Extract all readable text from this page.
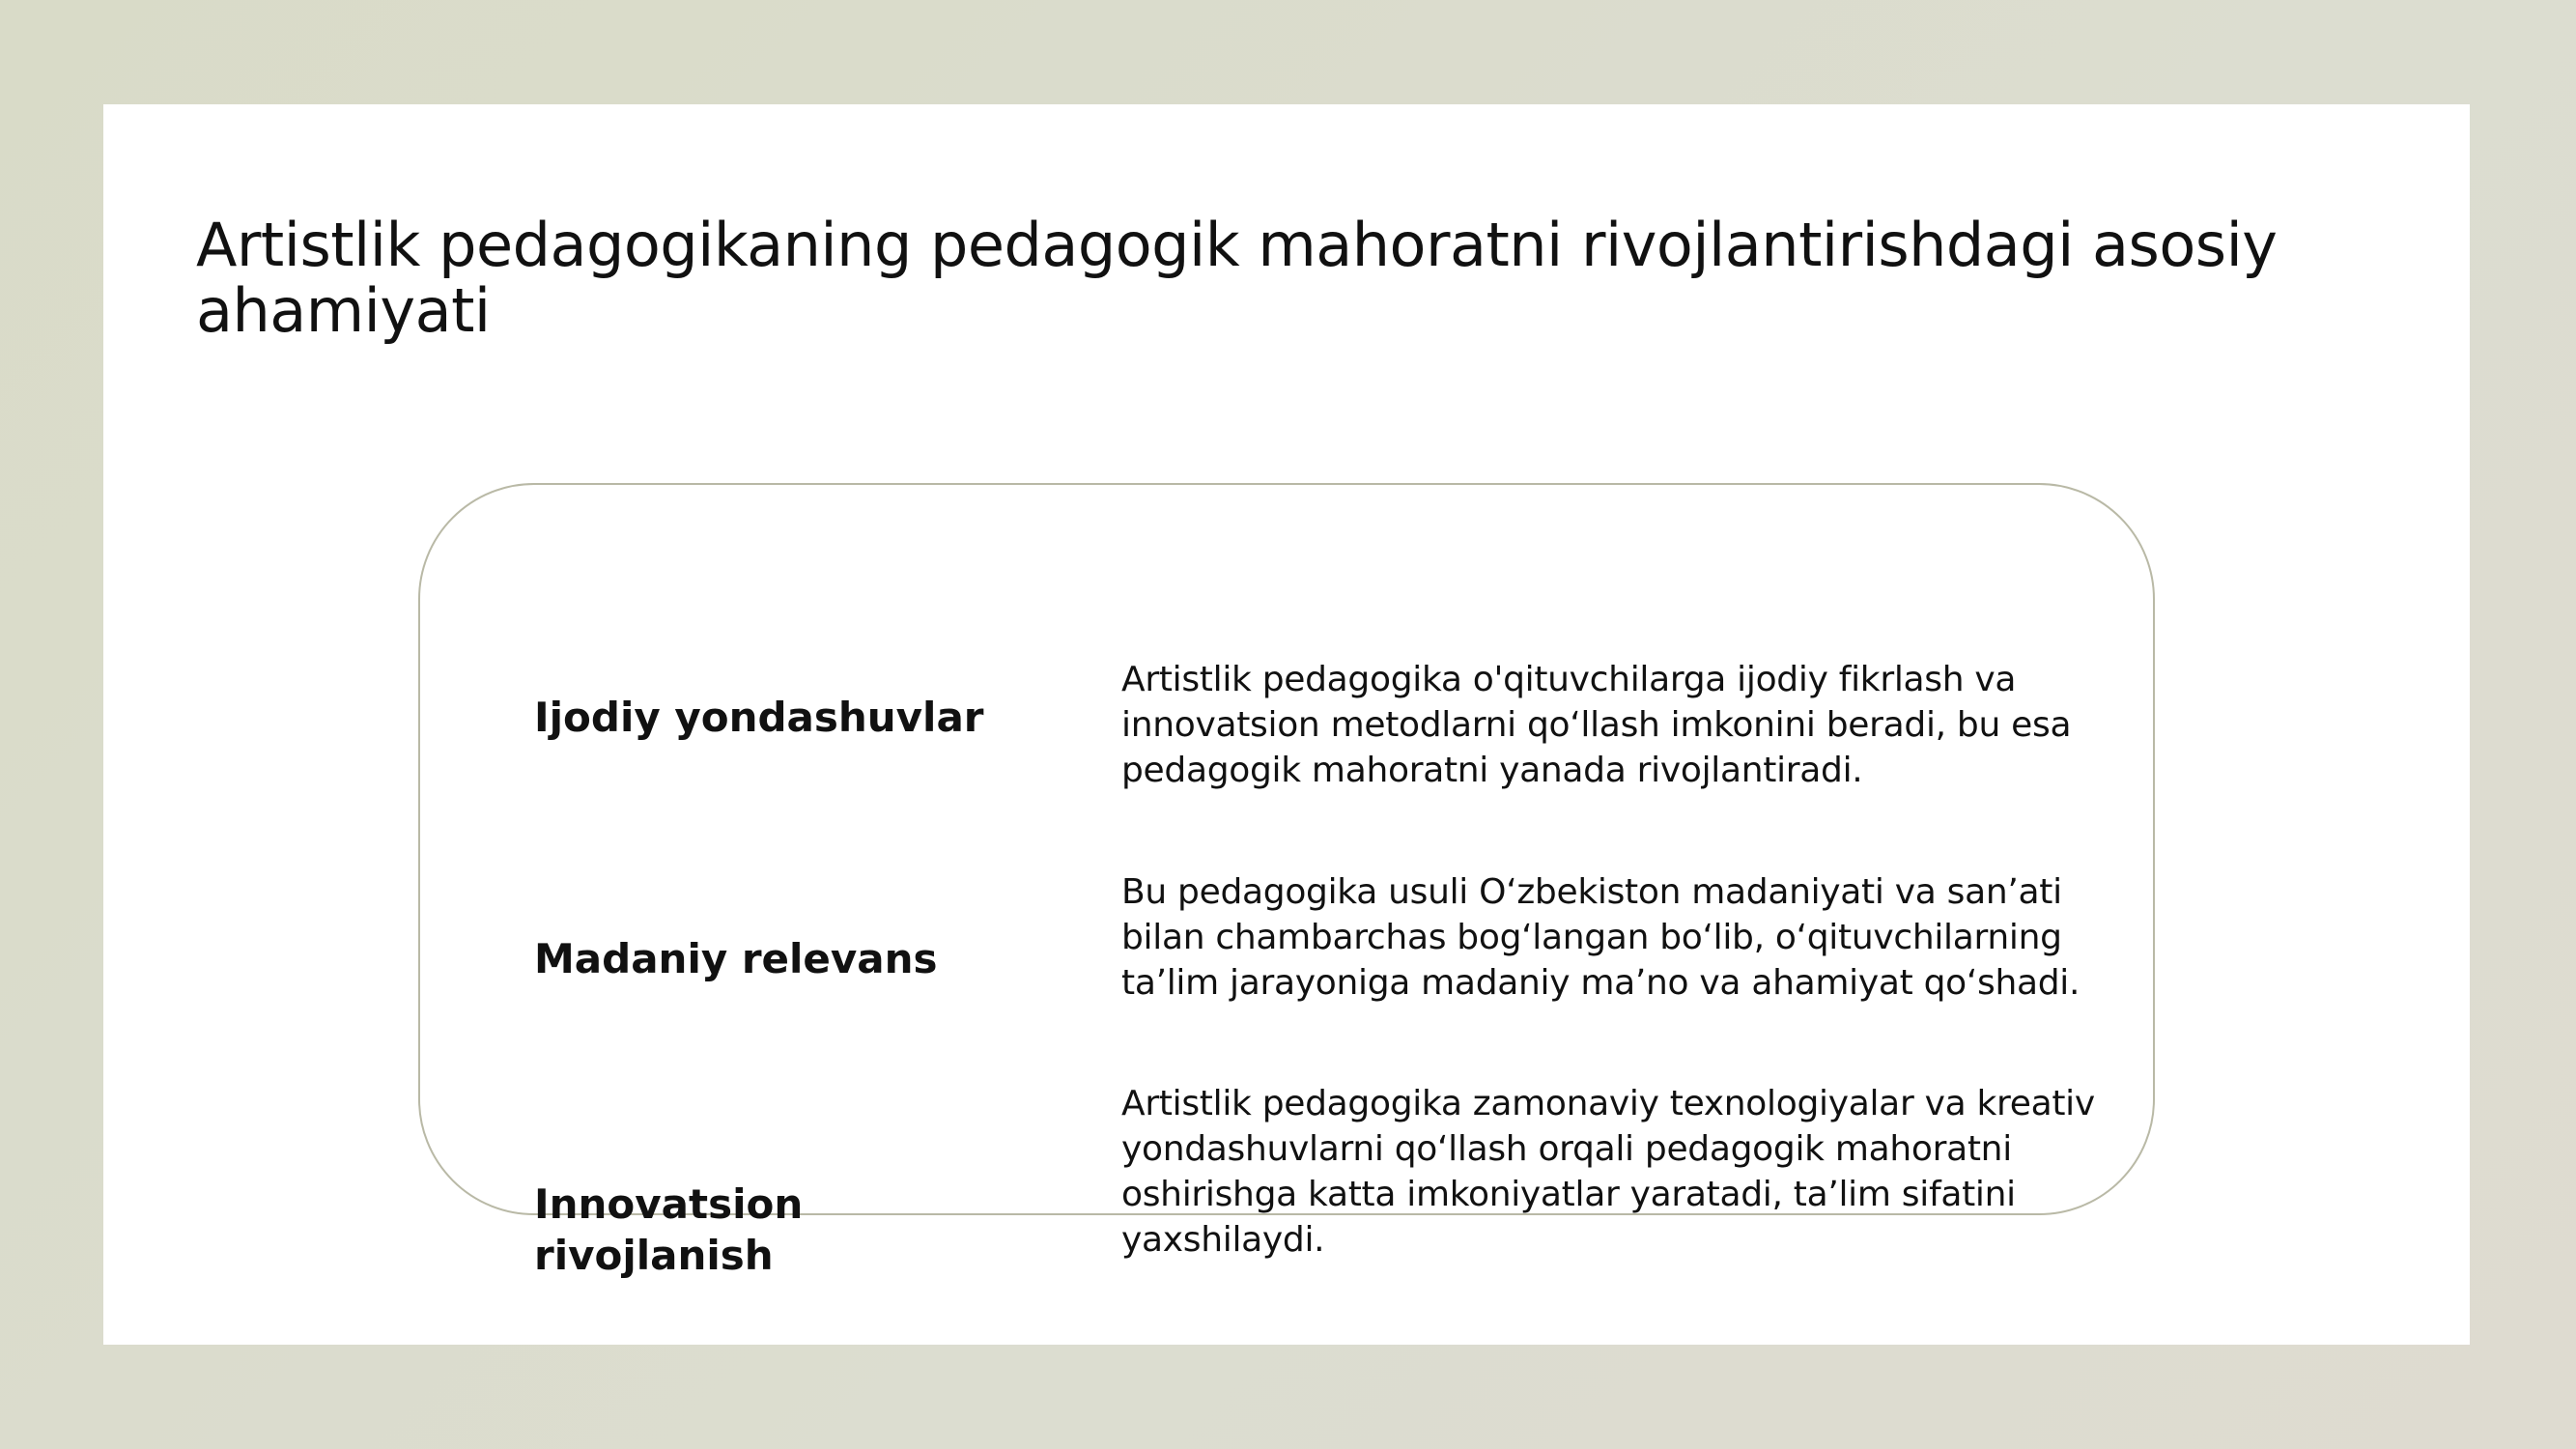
Artistlik pedagogikaning pedagogik mahoratni rivojlantirishdagi asosiy ahamiyati
Ijodiy yondashuvlar

Artistlik pedagogika o'qituvchilarga ijodiy fikrlash va innovatsion metodlarni qo‘llash imkonini beradi, bu esa pedagogik mahoratni yanada rivojlantiradi.

Madaniy relevans

Bu pedagogika usuli O‘zbekiston madaniyati va san’ati bilan chambarchas bog‘langan bo‘lib, o‘qituvchilarning ta’lim jarayoniga madaniy ma’no va ahamiyat qo‘shadi.

Innovatsion rivojlanish

Artistlik pedagogika zamonaviy texnologiyalar va kreativ yondashuvlarni qo‘llash orqali pedagogik mahoratni oshirishga katta imkoniyatlar yaratadi, ta’lim sifatini yaxshilaydi.
